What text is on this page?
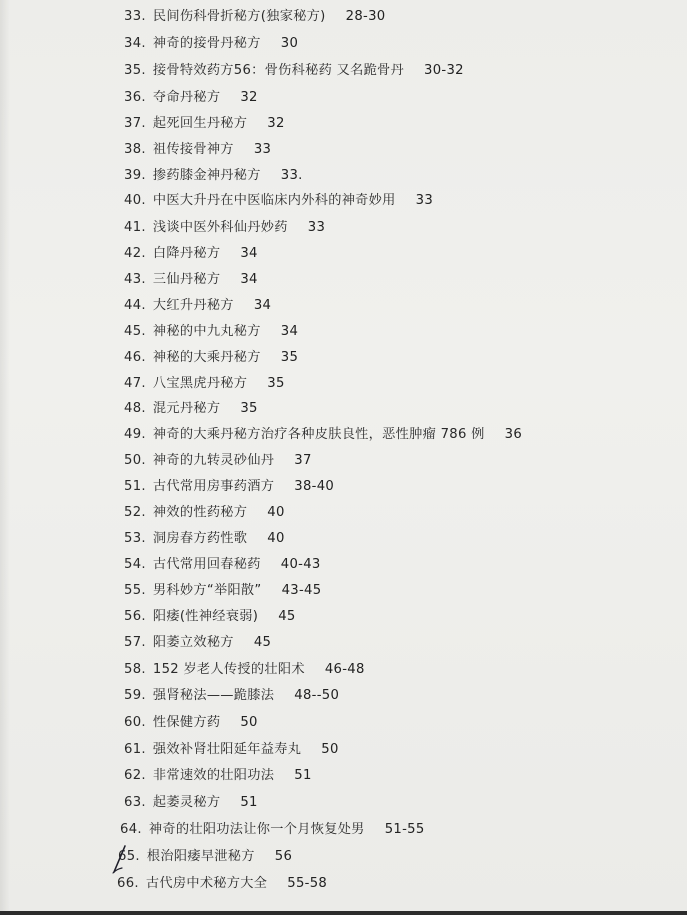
33. 民间伤科骨折秘方(独家秘方) 28-30
34. 神奇的接骨丹秘方 30
35. 接骨特效药方56：骨伤科秘药 又名跪骨丹 30-32
36. 夺命丹秘方 32
37. 起死回生丹秘方 32
38. 祖传接骨神方 33
39. 掺药膝金神丹秘方 33.
40. 中医大升丹在中医临床内外科的神奇妙用 33
41. 浅谈中医外科仙丹妙药 33
42. 白降丹秘方 34
43. 三仙丹秘方 34
44. 大红升丹秘方 34
45. 神秘的中九丸秘方 34
46. 神秘的大乘丹秘方 35
47. 八宝黑虎丹秘方 35
48. 混元丹秘方 35
49. 神奇的大乘丹秘方治疗各种皮肤良性，恶性肿瘤 786 例 36
50. 神奇的九转灵砂仙丹 37
51. 古代常用房事药酒方 38-40
52. 神效的性药秘方 40
53. 洞房春方药性歌 40
54. 古代常用回春秘药 40-43
55. 男科妙方“举阳散” 43-45
56. 阳痿(性神经衰弱) 45
57. 阳萎立效秘方 45
58. 152 岁老人传授的壮阳术 46-48
59. 强肾秘法——跪膝法 48--50
60. 性保健方药 50
61. 强效补肾壮阳延年益寿丸 50
62. 非常速效的壮阳功法 51
63. 起萎灵秘方 51
64. 神奇的壮阳功法让你一个月恢复处男 51-55
65. 根治阳痿早泄秘方 56
66. 古代房中术秘方大全 55-58
